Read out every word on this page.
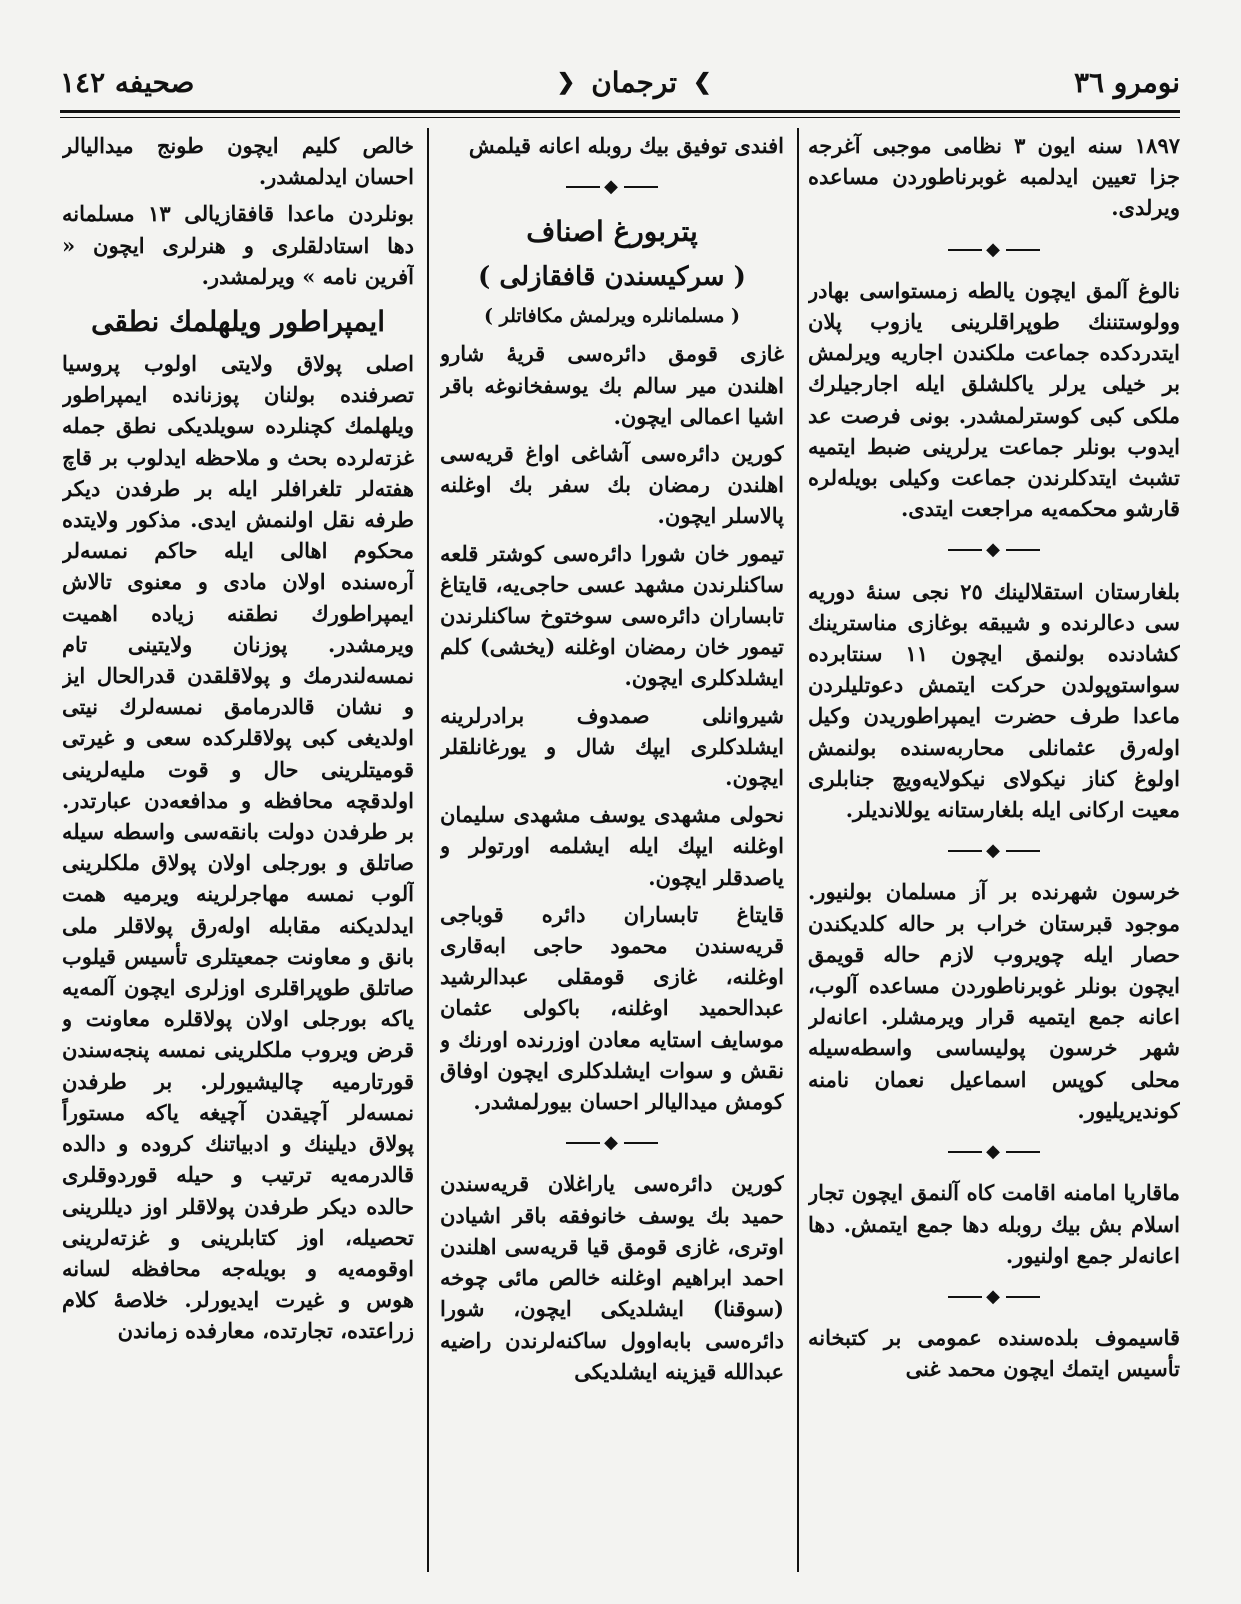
نومرو ٣٦
❯
ترجمان
❮
صحيفه ١٤٢

١٨٩٧ سنه ايون ٣ نظامى موجبى آغرجه جزا تعيين ايدلمبه غوبرناطوردن مساعده ويرلدى.

◆

نالوغ آلمق ايچون يالطه زمستواسى بهادر وولوستننك طوپراقلرينى يازوب پلان ايتدردكده جماعت ملكندن اجاريه ويرلمش بر خيلى يرلر ياكلشلق ايله اجارجيلرك ملكى كبى كوسترلمشدر. بونى فرصت عد ايدوب بونلر جماعت يرلرينى ضبط ايتميه تشبث ايتدكلرندن جماعت وكيلى بويله‌لره قارشو محكمه‌يه مراجعت ايتدى.

◆

بلغارستان استقلالينك ٢٥ نجى سنۀ دوريه سى دعالرنده و شيبقه بوغازى مناسترينك كشادنده بولنمق ايچون ١١ سنتابرده سواستوپولدن حركت ايتمش دعوتليلردن ماعدا طرف حضرت ايمپراطوريدن وكيل اوله‌رق عثمانلى محاربه‌سنده بولنمش اولوغ كناز نيكولاى نيكولايه‌ويچ جنابلرى معيت اركانى ايله بلغارستانه يوللانديلر.

◆

خرسون شهرنده بر آز مسلمان بولنيور. موجود قبرستان خراب بر حاله كلديكندن حصار ايله چويروب لازم حاله قويمق ايچون بونلر غوبرناطوردن مساعده آلوب، اعانه جمع ايتميه قرار ويرمشلر. اعانه‌لر شهر خرسون پوليساسى واسطه‌سيله محلى كوپس اسماعيل نعمان نامنه كونديريليور.

◆

ماقاريا امامنه اقامت كاه آلنمق ايچون تجار اسلام بش بيك روبله دها جمع ايتمش. دها اعانه‌لر جمع اولنيور.

◆

قاسيموف بلده‌سنده عمومى بر كتبخانه تأسيس ايتمك ايچون محمد غنى

افندى توفيق بيك روبله اعانه قيلمش

◆
پتربورغ اصناف
( سركيسندن قافقازلى )
( مسلمانلره ويرلمش مكافاتلر )

غازى قومق دائره‌سى قريۀ شارو اهلندن مير سالم بك يوسفخانوغه باقر اشيا اعمالى ايچون.

كورين دائره‌سى آشاغى اواغ قريه‌سى اهلندن رمضان بك سفر بك اوغلنه پالاسلر ايچون.

تيمور خان شورا دائره‌سى كوشتر قلعه ساكنلرندن مشهد عسى حاجى‌يه، قايتاغ تابساران دائره‌سى سوختوخ ساكنلرندن تيمور خان رمضان اوغلنه (يخشى) كلم ايشلدكلرى ايچون.

شيروانلى صمدوف برادرلرينه ايشلدكلرى ايپك شال و يورغانلقلر ايچون.

نحولى مشهدى يوسف مشهدى سليمان اوغلنه ايپك ايله ايشلمه اورتولر و ياصدقلر ايچون.

قايتاغ تابساران دائره قوباجى قريه‌سندن محمود حاجى ابه‌قارى اوغلنه، غازى قومقلى عبدالرشيد عبدالحميد اوغلنه، باكولى عثمان موسايف استايه معادن اوزرنده اورنك و نقش و سوات ايشلدكلرى ايچون اوفاق كومش ميداليالر احسان بيورلمشدر.

◆

كورين دائره‌سى ياراغلان قريه‌سندن حميد بك يوسف خانوفقه باقر اشيادن اوترى، غازى قومق قيا قريه‌سى اهلندن احمد ابراهيم اوغلنه خالص مائى چوخه (سوقنا) ايشلديكى ايچون، شورا دائره‌سى بابه‌اوول ساكنه‌لرندن راضيه عبدالله قيزينه ايشلديكى

خالص كليم ايچون طونج ميداليالر احسان ايدلمشدر.

بونلردن ماعدا قافقازيالى ١٣ مسلمانه دها استادلقلرى و هنرلرى ايچون « آفرين نامه » ويرلمشدر.

ايمپراطور ويلهلمك نطقى

اصلى پولاق ولايتى اولوب پروسيا تصرفنده بولنان پوزنانده ايمپراطور ويلهلمك كچنلرده سويلديكى نطق جمله غزته‌لرده بحث و ملاحظه ايدلوب بر قاچ هفته‌لر تلغرافلر ايله بر طرفدن ديكر طرفه نقل اولنمش ايدى. مذكور ولايتده محكوم اهالى ايله حاكم نمسه‌لر آره‌سنده اولان مادى و معنوى تالاش ايمپراطورك نطقنه زياده اهميت ويرمشدر. پوزنان ولايتينى تام نمسه‌لندرمك و پولاقلقدن قدرالحال ايز و نشان قالدرمامق نمسه‌لرك نيتى اولديغى كبى پولاقلركده سعى و غيرتى قوميتلرينى حال و قوت مليه‌لرينى اولدقچه محافظه و مدافعه‌دن عبارتدر. بر طرفدن دولت بانقه‌سى واسطه سيله صاتلق و بورجلى اولان پولاق ملكلرينى آلوب نمسه مهاجرلرينه ويرميه همت ايدلديكنه مقابله اوله‌رق پولاقلر ملى بانق و معاونت جمعيتلرى تأسيس قيلوب صاتلق طوپراقلرى اوزلرى ايچون آلمه‌يه ياكه بورجلى اولان پولاقلره معاونت و قرض ويروب ملكلرينى نمسه پنجه‌سندن قورتارميه چاليشيورلر. بر طرفدن نمسه‌لر آچيقدن آچيغه ياكه مستوراً پولاق ديلينك و ادبياتنك كروده و دالده قالدرمه‌يه ترتيب و حيله قوردوقلرى حالده ديكر طرفدن پولاقلر اوز ديللرينى تحصيله، اوز كتابلرينى و غزته‌لرينى اوقومه‌يه و بويله‌جه محافظه لسانه هوس و غيرت ايديورلر. خلاصۀ كلام زراعتده، تجارتده، معارفده زماندن
